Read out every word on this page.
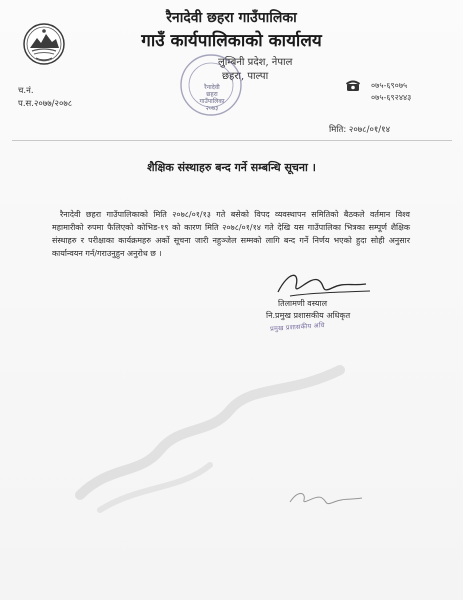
रैनादेवी छहरा गाउँपालिका
गाउँ कार्यपालिकाको कार्यालय
लुम्बिनी प्रदेश, नेपाल
छहरा, पाल्पा
रैनादेवी
छहरा
गाउँपालिका
२०७३
च.नं.
प.स.२०७७/२०७८
०७५-६९०७५
०७५-६९२४४३
मिति: २०७८/०१/१४
शैक्षिक संस्थाहरु बन्द गर्ने सम्बन्धि सूचना ।
रैनादेवी छहरा गाउँपालिकाको मिति २०७८/०१/१३ गते बसेको विपद व्यवस्थापन समितिको बैठकले वर्तमान विश्व महामारीको रुपमा फैलिएको कोभिड-१९ को कारण मिति २०७८/०१/१४ गते देखि यस गाउँपालिका भित्रका सम्पूर्ण शैक्षिक संस्थाहरु र परीक्षाका कार्यक्रमहरु अर्को सूचना जारी नहुञ्जेल सम्मको लागि बन्द गर्ने निर्णय भएको हुदा सोही अनुसार कार्यान्वयन गर्न/गराउनुहुन अनुरोध छ ।
तिलामणी वस्याल
नि.प्रमुख प्रशासकीय अधिकृत
प्रमुख प्रशासकीय अधि
